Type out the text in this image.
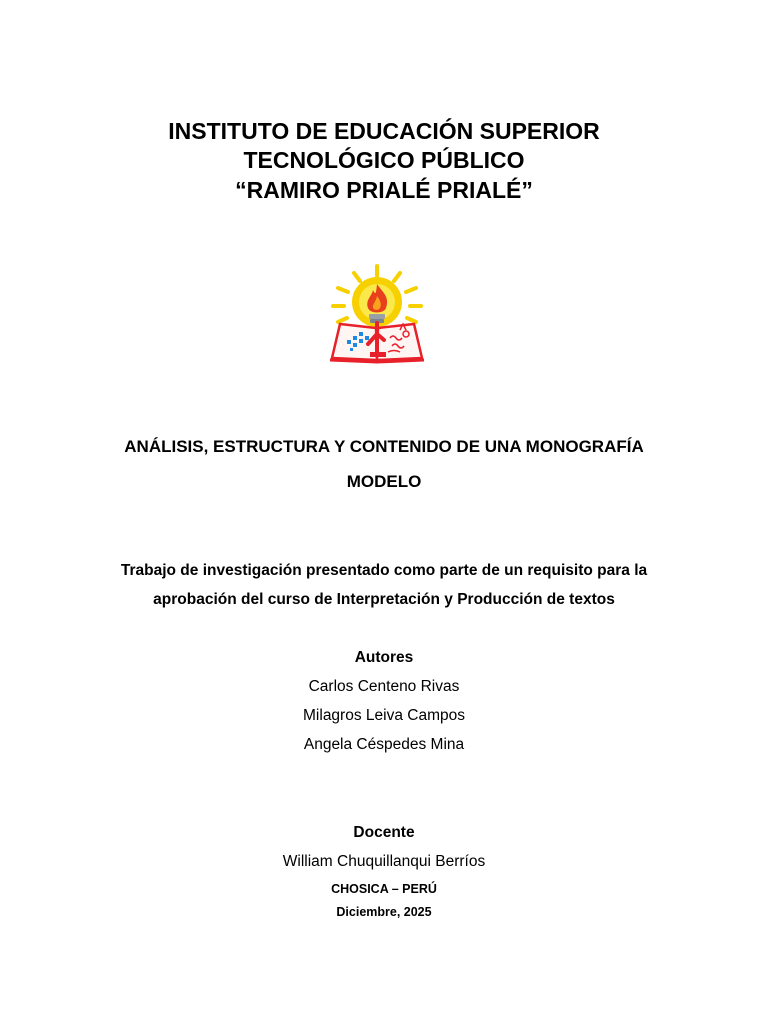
INSTITUTO DE EDUCACIÓN SUPERIOR
TECNOLÓGICO PÚBLICO
“RAMIRO PRIALÉ PRIALÉ”
ANÁLISIS, ESTRUCTURA Y CONTENIDO DE UNA MONOGRAFÍA
MODELO
Trabajo de investigación presentado como parte de un requisito para la
aprobación del curso de Interpretación y Producción de textos
Autores
Carlos Centeno Rivas
Milagros Leiva Campos
Angela Céspedes Mina
Docente
William Chuquillanqui Berríos
CHOSICA – PERÚ
Diciembre, 2025
